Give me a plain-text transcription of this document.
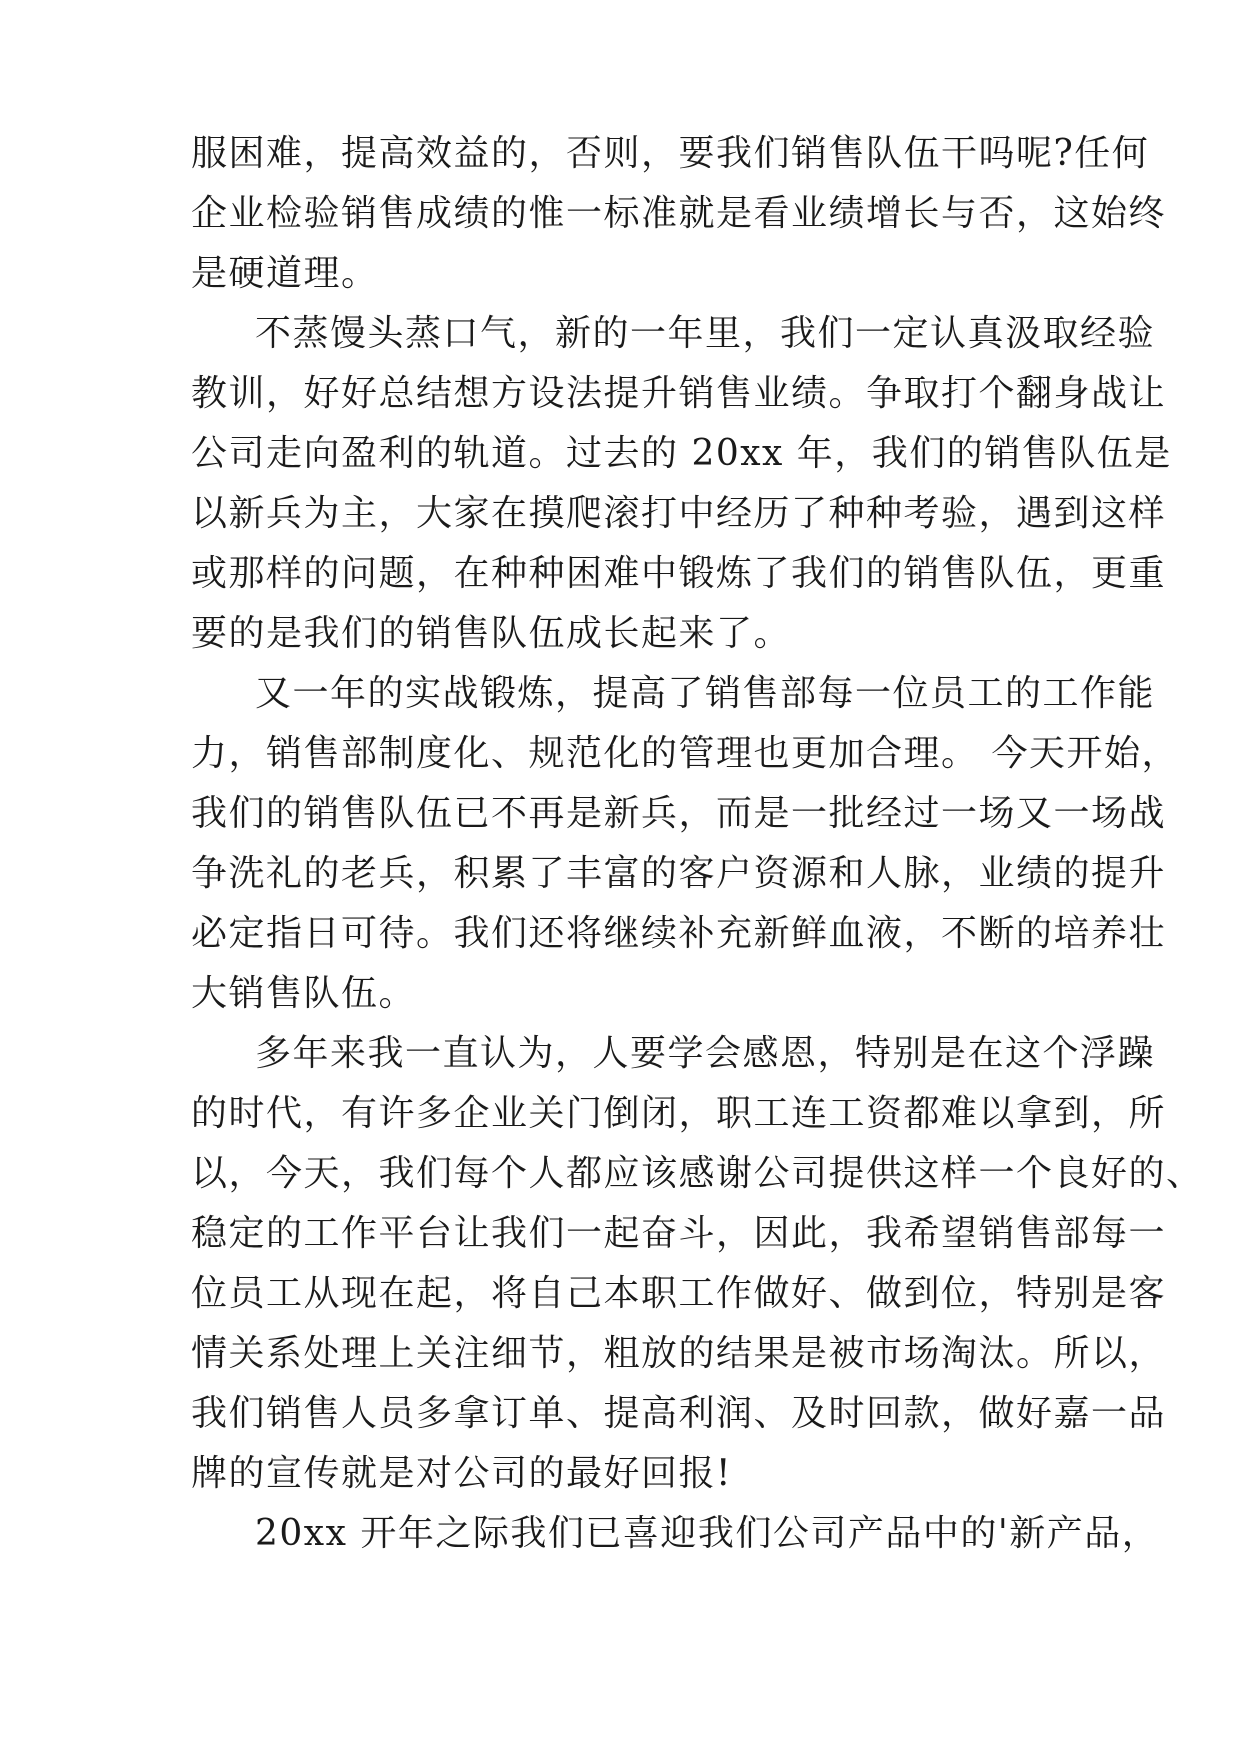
服困难，提高效益的，否则，要我们销售队伍干吗呢?任何
企业检验销售成绩的惟一标准就是看业绩增长与否，这始终
是硬道理。
不蒸馒头蒸口气，新的一年里，我们一定认真汲取经验
教训，好好总结想方设法提升销售业绩。争取打个翻身战让
公司走向盈利的轨道。过去的 20xx 年，我们的销售队伍是
以新兵为主，大家在摸爬滚打中经历了种种考验，遇到这样
或那样的问题，在种种困难中锻炼了我们的销售队伍，更重
要的是我们的销售队伍成长起来了。
又一年的实战锻炼，提高了销售部每一位员工的工作能
力，销售部制度化、规范化的管理也更加合理。 今天开始，
我们的销售队伍已不再是新兵，而是一批经过一场又一场战
争洗礼的老兵，积累了丰富的客户资源和人脉，业绩的提升
必定指日可待。我们还将继续补充新鲜血液，不断的培养壮
大销售队伍。
多年来我一直认为，人要学会感恩，特别是在这个浮躁
的时代，有许多企业关门倒闭，职工连工资都难以拿到，所
以，今天，我们每个人都应该感谢公司提供这样一个良好的、
稳定的工作平台让我们一起奋斗，因此，我希望销售部每一
位员工从现在起，将自己本职工作做好、做到位，特别是客
情关系处理上关注细节，粗放的结果是被市场淘汰。所以，
我们销售人员多拿订单、提高利润、及时回款，做好嘉一品
牌的宣传就是对公司的最好回报!
20xx 开年之际我们已喜迎我们公司产品中的'新产品，
